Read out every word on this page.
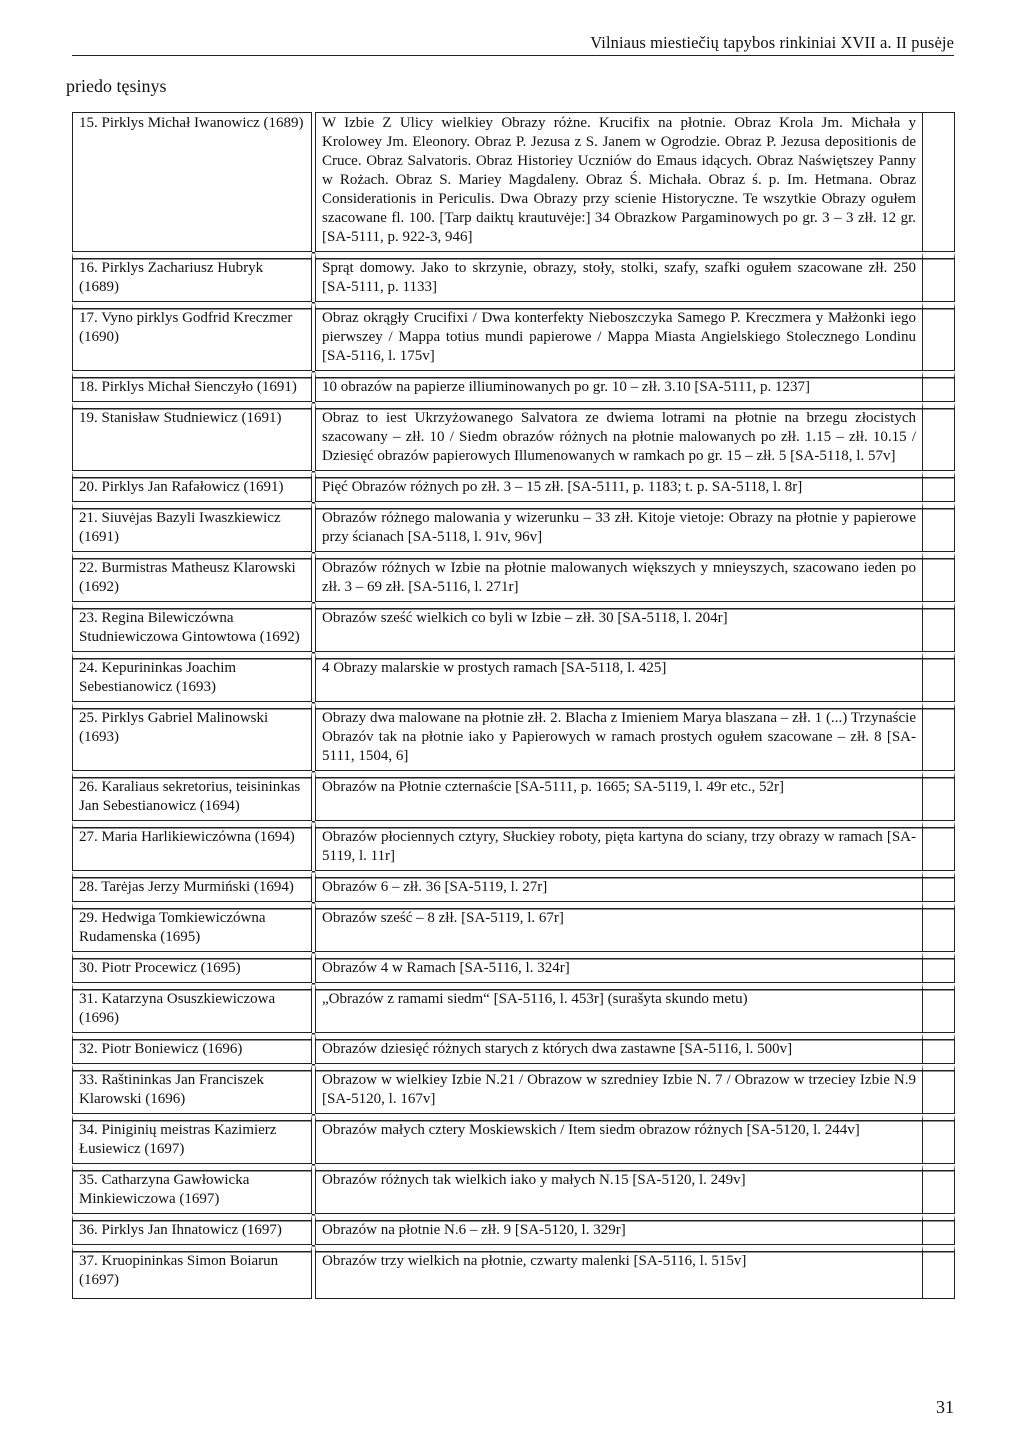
Vilniaus miestiečių tapybos rinkiniai XVII a. II pusėje
priedo tęsinys
15. Pirklys Michał Iwanowicz (1689)		W Izbie Z Ulicy wielkiey Obrazy różne. Krucifix na płotnie. Obraz Krola Jm. Michała y Krolowey Jm. Eleonory. Obraz P. Jezusa z S. Janem w Ogrodzie. Obraz P. Jezusa depositionis de Cruce. Obraz Salvatoris. Obraz Historiey Uczniów do Emaus idących. Obraz Naświętszey Panny w Rożach. Obraz S. Mariey Magdaleny. Obraz Ś. Michała. Obraz ś. p. Im. Hetmana. Obraz Considerationis in Periculis. Dwa Obrazy przy scienie Historyczne. Te wszytkie Obrazy ogułem szacowane fl. 100. [Tarp daiktų krautuvėje:] 34 Obrazkow Pargaminowych po gr. 3 – 3 złł. 12 gr. [SA-5111, p. 922-3, 946]	
16. Pirklys Zachariusz Hubryk (1689)		Sprąt domowy. Jako to skrzynie, obrazy, stoły, stolki, szafy, szafki ogułem szacowane złł. 250 [SA-5111, p. 1133]	
17. Vyno pirklys Godfrid Kreczmer (1690)		Obraz okrągły Crucifixi / Dwa konterfekty Nieboszczyka Samego P. Kreczmera y Małżonki iego pierwszey / Mappa totius mundi papierowe / Mappa Miasta Angielskiego Stolecznego Londinu [SA-5116, l. 175v]	
18. Pirklys Michał Sienczyło (1691)		10 obrazów na papierze illiuminowanych po gr. 10 – złł. 3.10 [SA-5111, p. 1237]	
19. Stanisław Studniewicz (1691)		Obraz to iest Ukrzyżowanego Salvatora ze dwiema lotrami na płotnie na brzegu złocistych szacowany – złł. 10 / Siedm obrazów różnych na płotnie malowanych po złł. 1.15 – złł. 10.15 / Dziesięć obrazów papierowych Illumenowanych w ramkach po gr. 15 – złł. 5 [SA-5118, l. 57v]	
20. Pirklys Jan Rafałowicz (1691)		Pięć Obrazów różnych po złł. 3 – 15 złł. [SA-5111, p. 1183; t. p. SA-5118, l. 8r]	
21. Siuvėjas Bazyli Iwaszkiewicz (1691)		Obrazów różnego malowania y wizerunku – 33 złł. Kitoje vietoje: Obrazy na płotnie y papierowe przy ścianach [SA-5118, l. 91v, 96v]	
22. Burmistras Matheusz Klarowski (1692)		Obrazów różnych w Izbie na płotnie malowanych większych y mnieyszych, szacowano ieden po złł. 3 – 69 złł. [SA-5116, l. 271r]	
23. Regina Bilewiczówna Studniewiczowa Gintowtowa (1692)		Obrazów sześć wielkich co byli w Izbie – złł. 30 [SA-5118, l. 204r]	
24. Kepurininkas Joachim Sebestianowicz (1693)		4 Obrazy malarskie w prostych ramach [SA-5118, l. 425]	
25. Pirklys Gabriel Malinowski (1693)		Obrazy dwa malowane na płotnie złł. 2. Blacha z Imieniem Marya blaszana – złł. 1 (...) Trzynaście Obrazóv tak na płotnie iako y Papierowych w ramach prostych ogułem szacowane – złł. 8 [SA-5111, 1504, 6]	
26. Karaliaus sekretorius, teisininkas Jan Sebestianowicz (1694)		Obrazów na Płotnie czternaście [SA-5111, p. 1665; SA-5119, l. 49r etc., 52r]	
27. Maria Harlikiewiczówna (1694)		Obrazów płociennych cztyry, Słuckiey roboty, pięta kartyna do sciany, trzy obrazy w ramach [SA-5119, l. 11r]	
28. Tarėjas Jerzy Murmiński (1694)		Obrazów 6 – złł. 36 [SA-5119, l. 27r]	
29. Hedwiga Tomkiewiczówna Rudamenska (1695)		Obrazów sześć – 8 złł. [SA-5119, l. 67r]	
30. Piotr Procewicz (1695)		Obrazów 4 w Ramach [SA-5116, l. 324r]	
31. Katarzyna Osuszkiewiczowa (1696)		„Obrazów z ramami siedm“ [SA-5116, l. 453r] (surašyta skundo metu)	
32. Piotr Boniewicz (1696)		Obrazów dziesięć różnych starych z których dwa zastawne [SA-5116, l. 500v]	
33. Raštininkas Jan Franciszek Klarowski (1696)		Obrazow w wielkiey Izbie N.21 / Obrazow w szredniey Izbie N. 7 / Obrazow w trzeciey Izbie N.9 [SA-5120, l. 167v]	
34. Piniginių meistras Kazimierz Łusiewicz (1697)		Obrazów małych cztery Moskiewskich / Item siedm obrazow różnych [SA-5120, l. 244v]	
35. Catharzyna Gawłowicka Minkiewiczowa (1697)		Obrazów różnych tak wielkich iako y małych N.15 [SA-5120, l. 249v]	
36. Pirklys Jan Ihnatowicz (1697)		Obrazów na płotnie N.6 – złł. 9 [SA-5120, l. 329r]	
37. Kruopininkas Simon Boiarun (1697)		Obrazów trzy wielkich na płotnie, czwarty malenki [SA-5116, l. 515v]	
31
